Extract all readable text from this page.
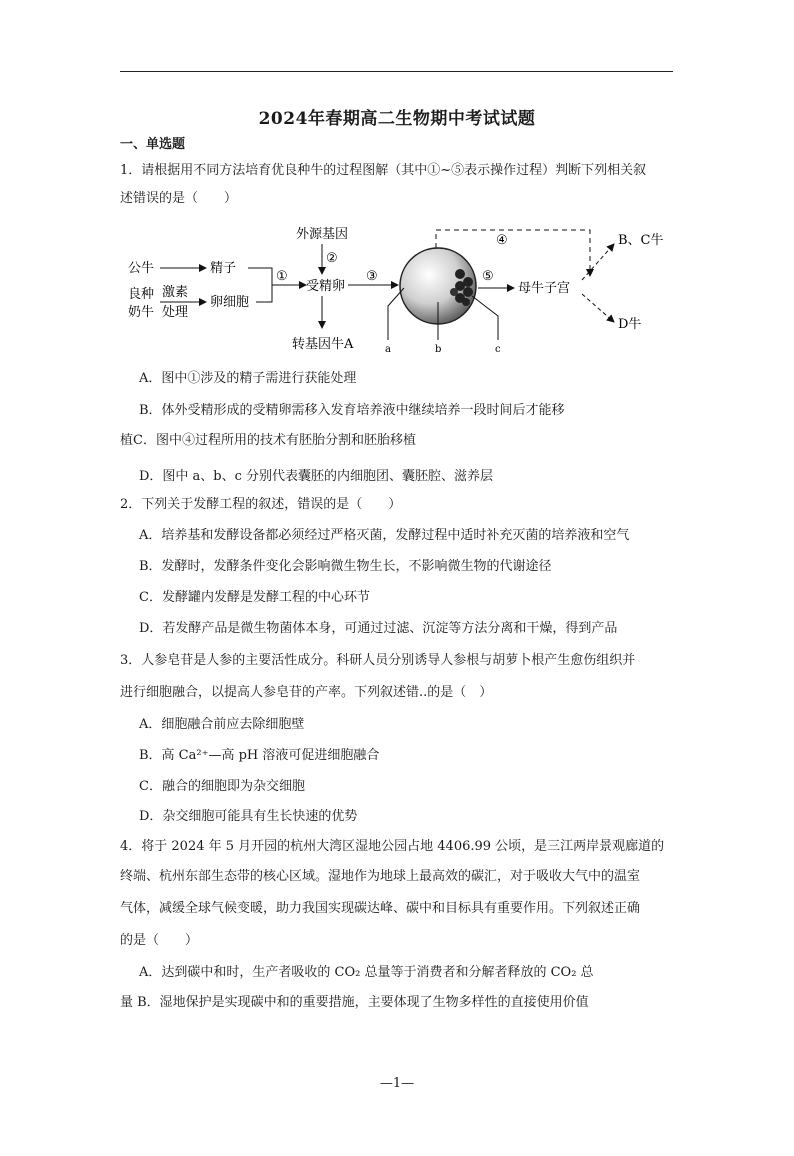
2024年春期高二生物期中考试试题
一、单选题
1．请根据用不同方法培育优良种牛的过程图解（其中①~⑤表示操作过程）判断下列相关叙
述错误的是（　　）
公牛	精子
良种
奶牛
激素
处理
卵细胞
①
外源基因
②
受精卵
转基因牛A
③
a	b	c
④
⑤
母牛子宫
B、C牛
D牛
A．图中①涉及的精子需进行获能处理
B．体外受精形成的受精卵需移入发育培养液中继续培养一段时间后才能移
植C．图中④过程所用的技术有胚胎分割和胚胎移植
D．图中 a、b、c 分别代表囊胚的内细胞团、囊胚腔、滋养层
2．下列关于发酵工程的叙述，错误的是（　　）
A．培养基和发酵设备都必须经过严格灭菌，发酵过程中适时补充灭菌的培养液和空气
B．发酵时，发酵条件变化会影响微生物生长，不影响微生物的代谢途径
C．发酵罐内发酵是发酵工程的中心环节
D．若发酵产品是微生物菌体本身，可通过过滤、沉淀等方法分离和干燥，得到产品
3．人参皂苷是人参的主要活性成分。科研人员分别诱导人参根与胡萝卜根产生愈伤组织并
进行细胞融合，以提高人参皂苷的产率。下列叙述错..的是（　）
A．细胞融合前应去除细胞壁
B．高 Ca²⁺—高 pH 溶液可促进细胞融合
C．融合的细胞即为杂交细胞
D．杂交细胞可能具有生长快速的优势
4．将于 2024 年 5 月开园的杭州大湾区湿地公园占地 4406.99 公顷，是三江两岸景观廊道的
终端、杭州东部生态带的核心区域。湿地作为地球上最高效的碳汇，对于吸收大气中的温室
气体，减缓全球气候变暖，助力我国实现碳达峰、碳中和目标具有重要作用。下列叙述正确
的是（　　）
A．达到碳中和时，生产者吸收的 CO₂ 总量等于消费者和分解者释放的 CO₂ 总
量 B．湿地保护是实现碳中和的重要措施，主要体现了生物多样性的直接使用价值
—1—
